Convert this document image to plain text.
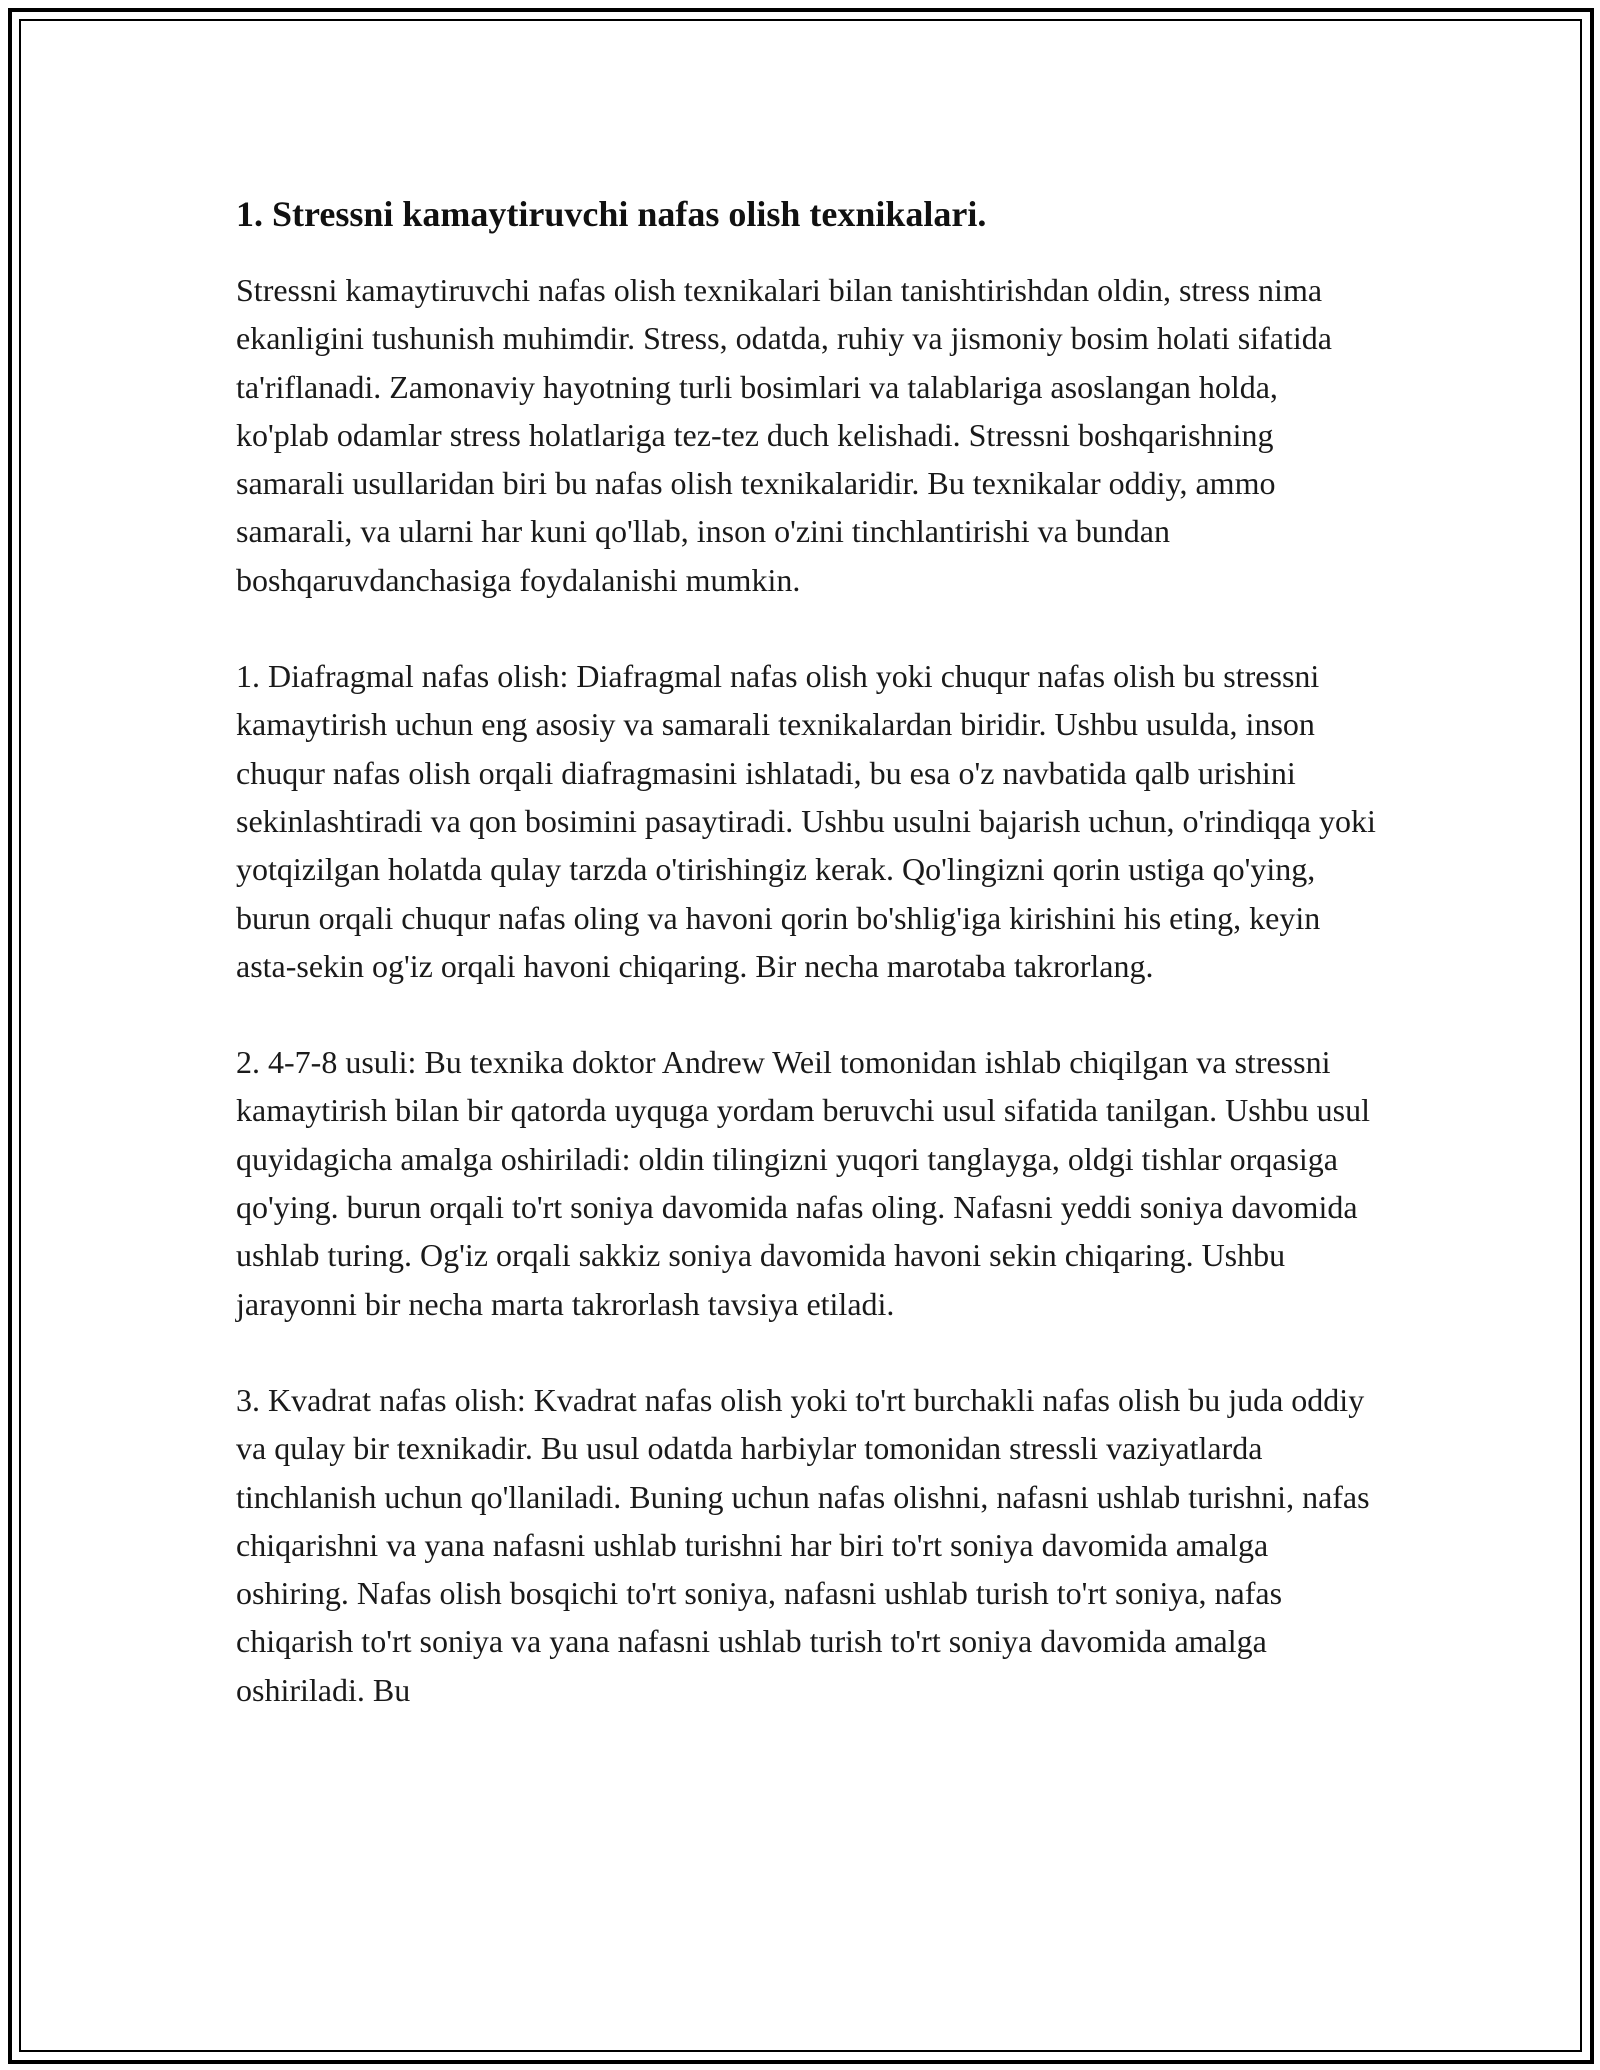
1. Stressni kamaytiruvchi nafas olish texnikalari.

Stressni kamaytiruvchi nafas olish texnikalari bilan tanishtirishdan oldin, stress nima ekanligini tushunish muhimdir. Stress, odatda, ruhiy va jismoniy bosim holati sifatida ta'riflanadi. Zamonaviy hayotning turli bosimlari va talablariga asoslangan holda, ko'plab odamlar stress holatlariga tez-tez duch kelishadi. Stressni boshqarishning samarali usullaridan biri bu nafas olish texnikalaridir. Bu texnikalar oddiy, ammo samarali, va ularni har kuni qo'llab, inson o'zini tinchlantirishi va bundan boshqaruvdanchasiga foydalanishi mumkin.

1. Diafragmal nafas olish: Diafragmal nafas olish yoki chuqur nafas olish bu stressni kamaytirish uchun eng asosiy va samarali texnikalardan biridir. Ushbu usulda, inson chuqur nafas olish orqali diafragmasini ishlatadi, bu esa o'z navbatida qalb urishini sekinlashtiradi va qon bosimini pasaytiradi. Ushbu usulni bajarish uchun, o'rindiqqa yoki yotqizilgan holatda qulay tarzda o'tirishingiz kerak. Qo'lingizni qorin ustiga qo'ying, burun orqali chuqur nafas oling va havoni qorin bo'shlig'iga kirishini his eting, keyin asta-sekin og'iz orqali havoni chiqaring. Bir necha marotaba takrorlang.

2. 4-7-8 usuli: Bu texnika doktor Andrew Weil tomonidan ishlab chiqilgan va stressni kamaytirish bilan bir qatorda uyquga yordam beruvchi usul sifatida tanilgan. Ushbu usul quyidagicha amalga oshiriladi: oldin tilingizni yuqori tanglayga, oldgi tishlar orqasiga qo'ying. burun orqali to'rt soniya davomida nafas oling. Nafasni yeddi soniya davomida ushlab turing. Og'iz orqali sakkiz soniya davomida havoni sekin chiqaring. Ushbu jarayonni bir necha marta takrorlash tavsiya etiladi.

3. Kvadrat nafas olish: Kvadrat nafas olish yoki to'rt burchakli nafas olish bu juda oddiy va qulay bir texnikadir. Bu usul odatda harbiylar tomonidan stressli vaziyatlarda tinchlanish uchun qo'llaniladi. Buning uchun nafas olishni, nafasni ushlab turishni, nafas chiqarishni va yana nafasni ushlab turishni har biri to'rt soniya davomida amalga oshiring. Nafas olish bosqichi to'rt soniya, nafasni ushlab turish to'rt soniya, nafas chiqarish to'rt soniya va yana nafasni ushlab turish to'rt soniya davomida amalga oshiriladi. Bu
